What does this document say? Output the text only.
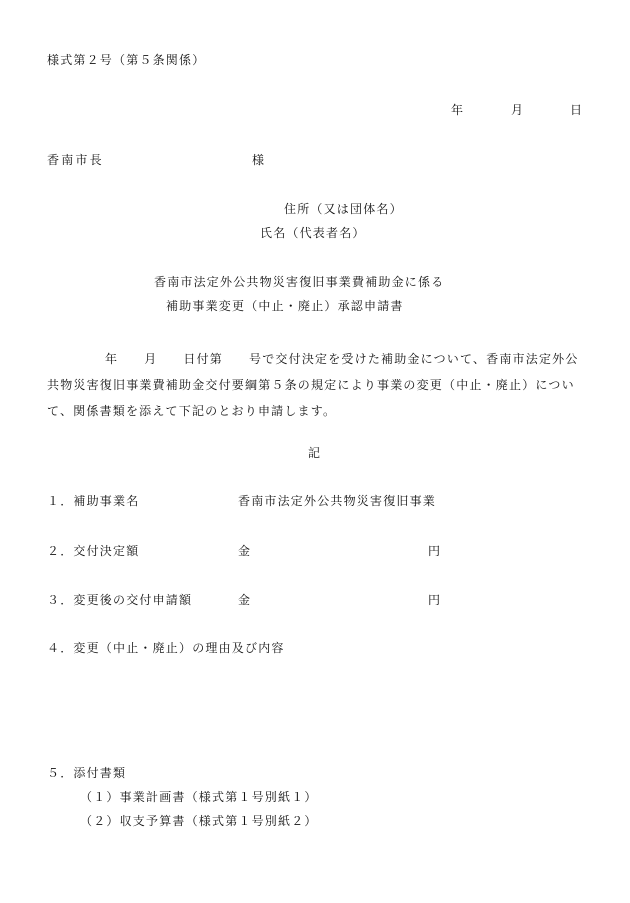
様式第２号（第５条関係）
年	月	日
香南市長	様
住所（又は団体名）
氏名（代表者名）
香南市法定外公共物災害復旧事業費補助金に係る
補助事業変更（中止・廃止）承認申請書
年 月 日付第 号で交付決定を受けた補助金について、香南市法定外公共物災害復旧事業費補助金交付要綱第５条の規定により事業の変更（中止・廃止）について、関係書類を添えて下記のとおり申請します。
記
１．補助事業名	香南市法定外公共物災害復旧事業
２．交付決定額	金	円
３．変更後の交付申請額	金	円
４．変更（中止・廃止）の理由及び内容
５．添付書類
（１）事業計画書（様式第１号別紙１）
（２）収支予算書（様式第１号別紙２）
